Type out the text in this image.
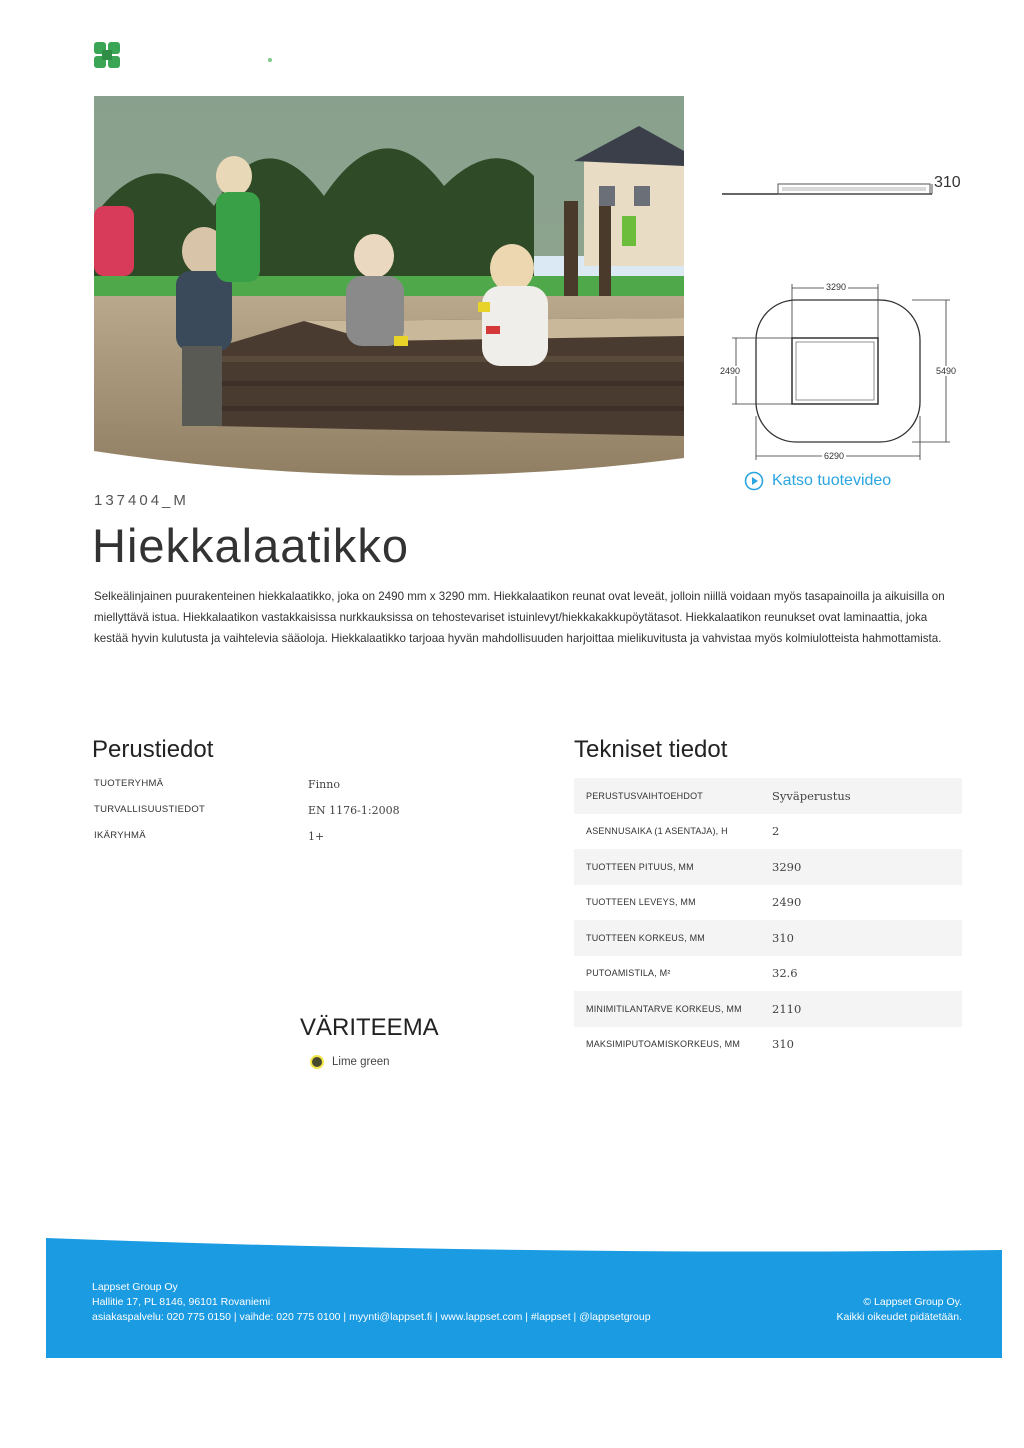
310
3290
2490	5490
6290
Katso tuotevideo
137404_M
Hiekkalaatikko

Selkeälinjainen puurakenteinen hiekkalaatikko, joka on 2490 mm x 3290 mm. Hiekkalaatikon reunat ovat leveät, jolloin niillä voidaan myös tasapainoilla ja aikuisilla on miellyttävä istua. Hiekkalaatikon vastakkaisissa nurkkauksissa on tehostevariset istuinlevyt/hiekkakakkupöytätasot. Hiekkalaatikon reunukset ovat laminaattia, joka kestää hyvin kulutusta ja vaihtelevia sääoloja. Hiekkalaatikko tarjoaa hyvän mahdollisuuden harjoittaa mielikuvitusta ja vahvistaa myös kolmiulotteista hahmottamista.

Perustiedot
TUOTERYHMÄ	Finno
TURVALLISUUSTIEDOT	EN 1176-1:2008
IKÄRYHMÄ	1+
Tekniset tiedot
PERUSTUSVAIHTOEHDOT	Syväperustus
ASENNUSAIKA (1 ASENTAJA), H	2
TUOTTEEN PITUUS, MM	3290
TUOTTEEN LEVEYS, MM	2490
TUOTTEEN KORKEUS, MM	310
PUTOAMISTILA, M²	32.6
MINIMITILANTARVE KORKEUS, MM	2110
MAKSIMIPUTOAMISKORKEUS, MM	310
VÄRITEEMA
Lime green
Lappset Group Oy
Hallitie 17, PL 8146, 96101 Rovaniemi
asiakaspalvelu: 020 775 0150 | vaihde: 020 775 0100 | myynti@lappset.fi | www.lappset.com | #lappset | @lappsetgroup
© Lappset Group Oy.
Kaikki oikeudet pidätetään.
